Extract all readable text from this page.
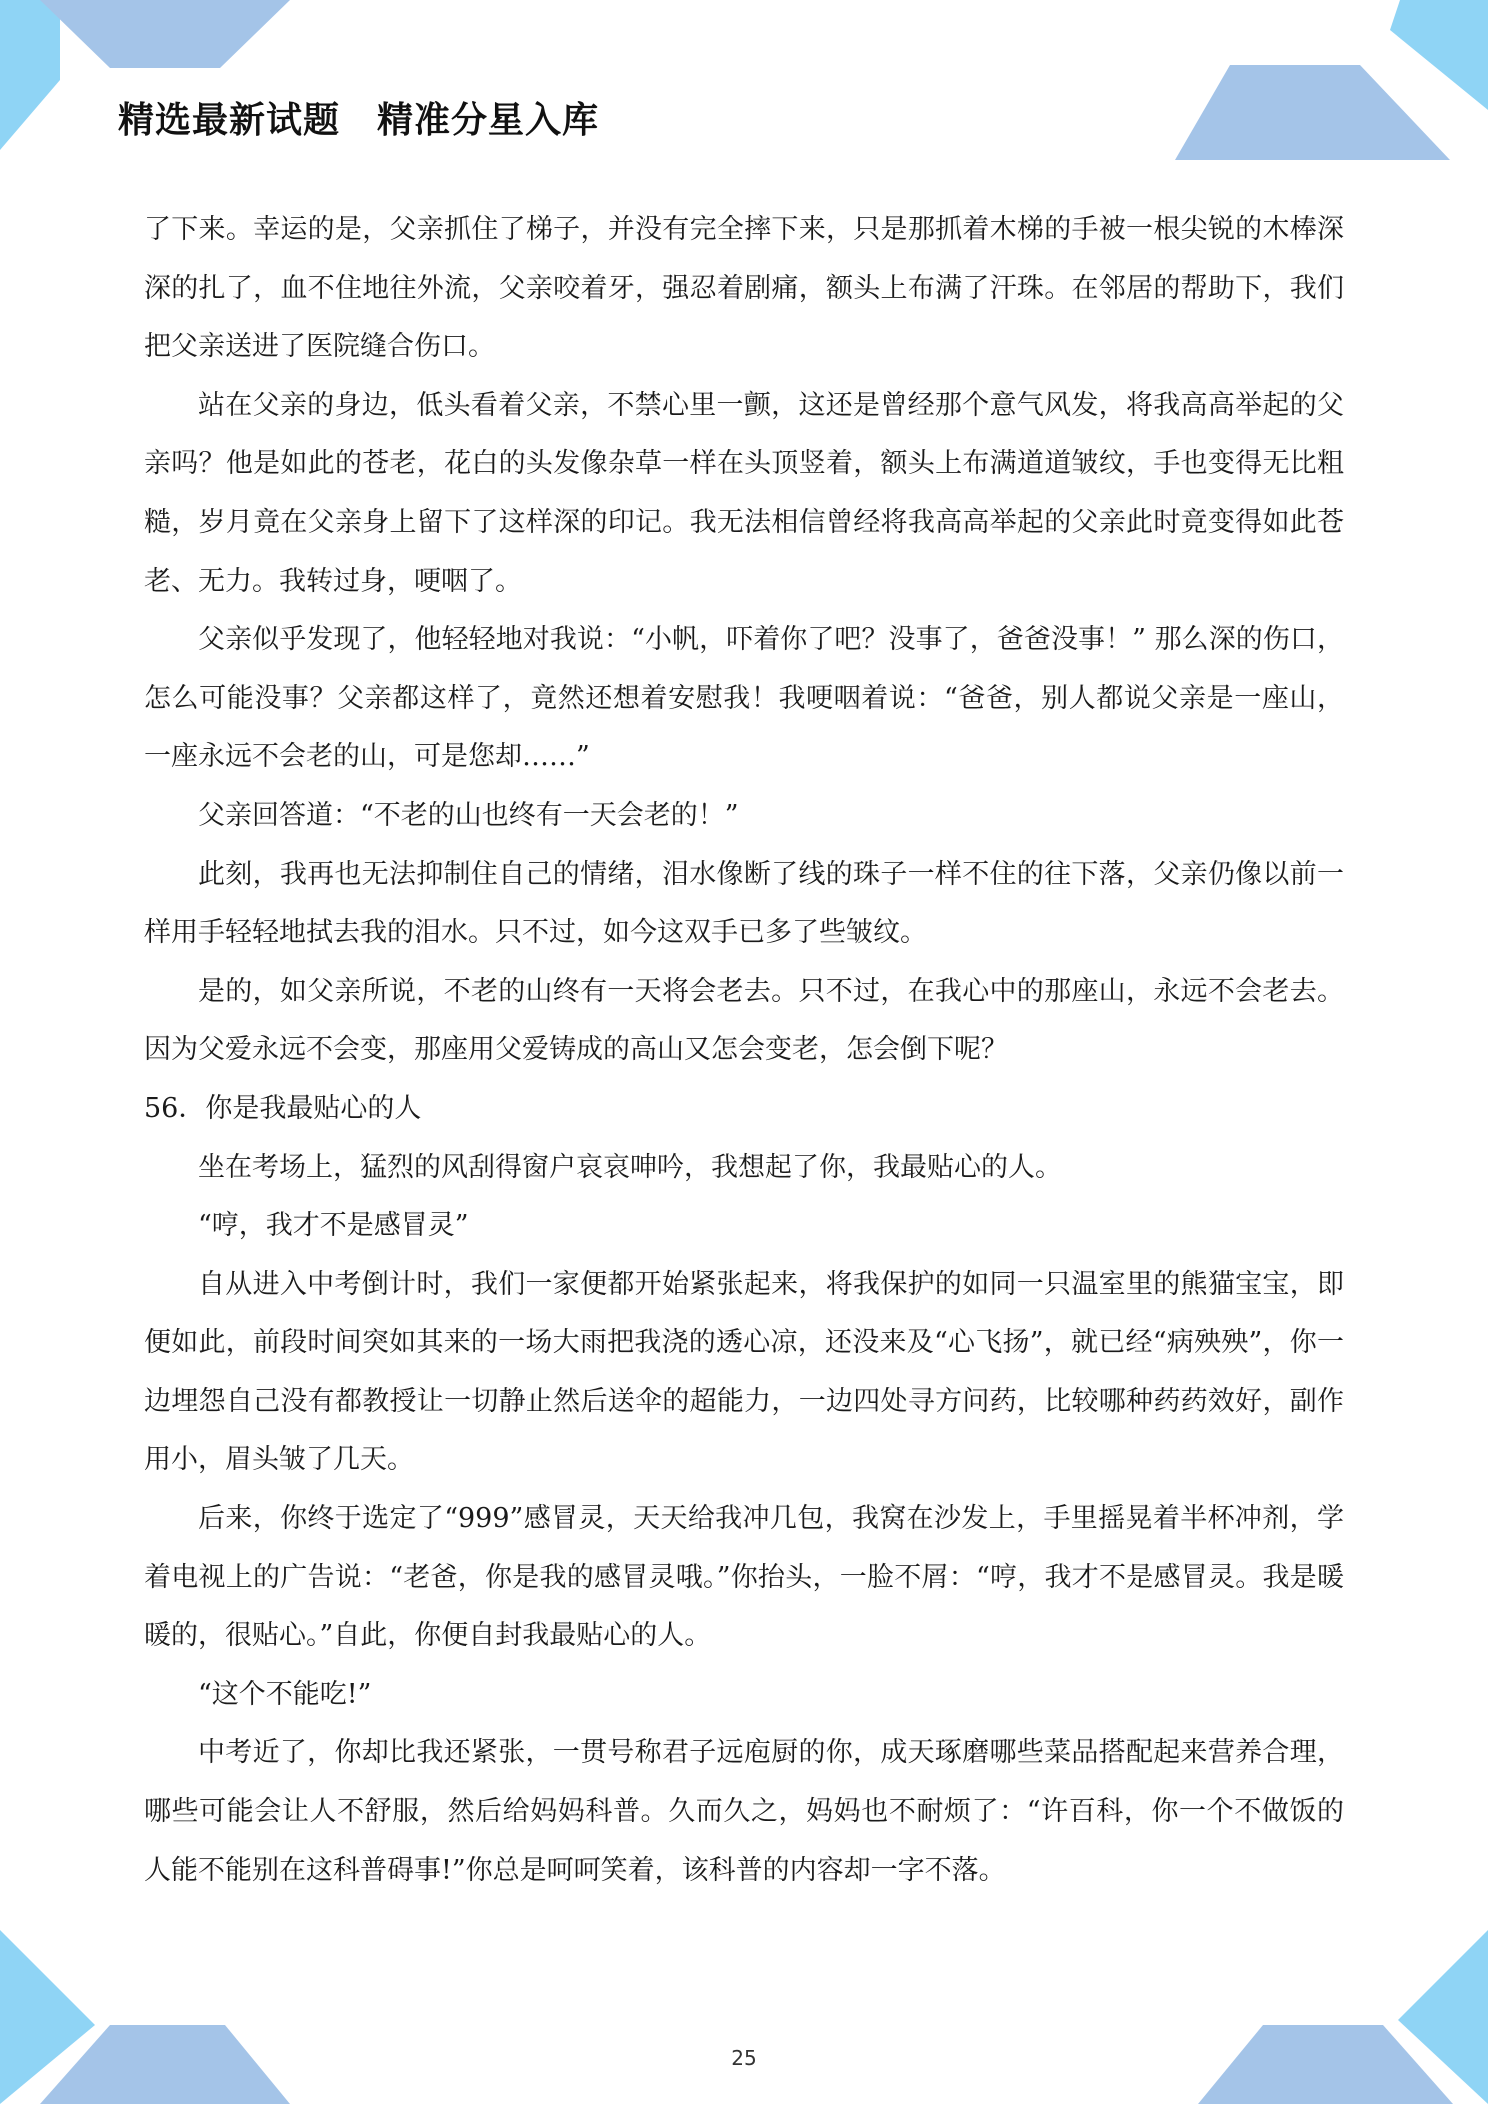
精选最新试题　精准分星入库

了下来。幸运的是，父亲抓住了梯子，并没有完全摔下来，只是那抓着木梯的手被一根尖锐的木棒深深的扎了，血不住地往外流，父亲咬着牙，强忍着剧痛，额头上布满了汗珠。在邻居的帮助下，我们把父亲送进了医院缝合伤口。

站在父亲的身边，低头看着父亲，不禁心里一颤，这还是曾经那个意气风发，将我高高举起的父亲吗？他是如此的苍老，花白的头发像杂草一样在头顶竖着，额头上布满道道皱纹，手也变得无比粗糙，岁月竟在父亲身上留下了这样深的印记。我无法相信曾经将我高高举起的父亲此时竟变得如此苍老、无力。我转过身，哽咽了。

父亲似乎发现了，他轻轻地对我说：“小帆，吓着你了吧？没事了，爸爸没事！” 那么深的伤口，怎么可能没事？父亲都这样了，竟然还想着安慰我！我哽咽着说：“爸爸，别人都说父亲是一座山，一座永远不会老的山，可是您却……”

父亲回答道：“不老的山也终有一天会老的！”

此刻，我再也无法抑制住自己的情绪，泪水像断了线的珠子一样不住的往下落，父亲仍像以前一样用手轻轻地拭去我的泪水。只不过，如今这双手已多了些皱纹。

是的，如父亲所说，不老的山终有一天将会老去。只不过，在我心中的那座山，永远不会老去。因为父爱永远不会变，那座用父爱铸成的高山又怎会变老，怎会倒下呢？

56．你是我最贴心的人

坐在考场上，猛烈的风刮得窗户哀哀呻吟，我想起了你，我最贴心的人。

“哼，我才不是感冒灵”

自从进入中考倒计时，我们一家便都开始紧张起来，将我保护的如同一只温室里的熊猫宝宝，即便如此，前段时间突如其来的一场大雨把我浇的透心凉，还没来及“心飞扬”，就已经“病殃殃”，你一边埋怨自己没有都教授让一切静止然后送伞的超能力，一边四处寻方问药，比较哪种药药效好，副作用小，眉头皱了几天。

后来，你终于选定了“999”感冒灵，天天给我冲几包，我窝在沙发上，手里摇晃着半杯冲剂，学着电视上的广告说：“老爸，你是我的感冒灵哦。”你抬头，一脸不屑：“哼，我才不是感冒灵。我是暖暖的，很贴心。”自此，你便自封我最贴心的人。

“这个不能吃!”

中考近了，你却比我还紧张，一贯号称君子远庖厨的你，成天琢磨哪些菜品搭配起来营养合理，哪些可能会让人不舒服，然后给妈妈科普。久而久之，妈妈也不耐烦了：“许百科，你一个不做饭的人能不能别在这科普碍事!”你总是呵呵笑着，该科普的内容却一字不落。

25
